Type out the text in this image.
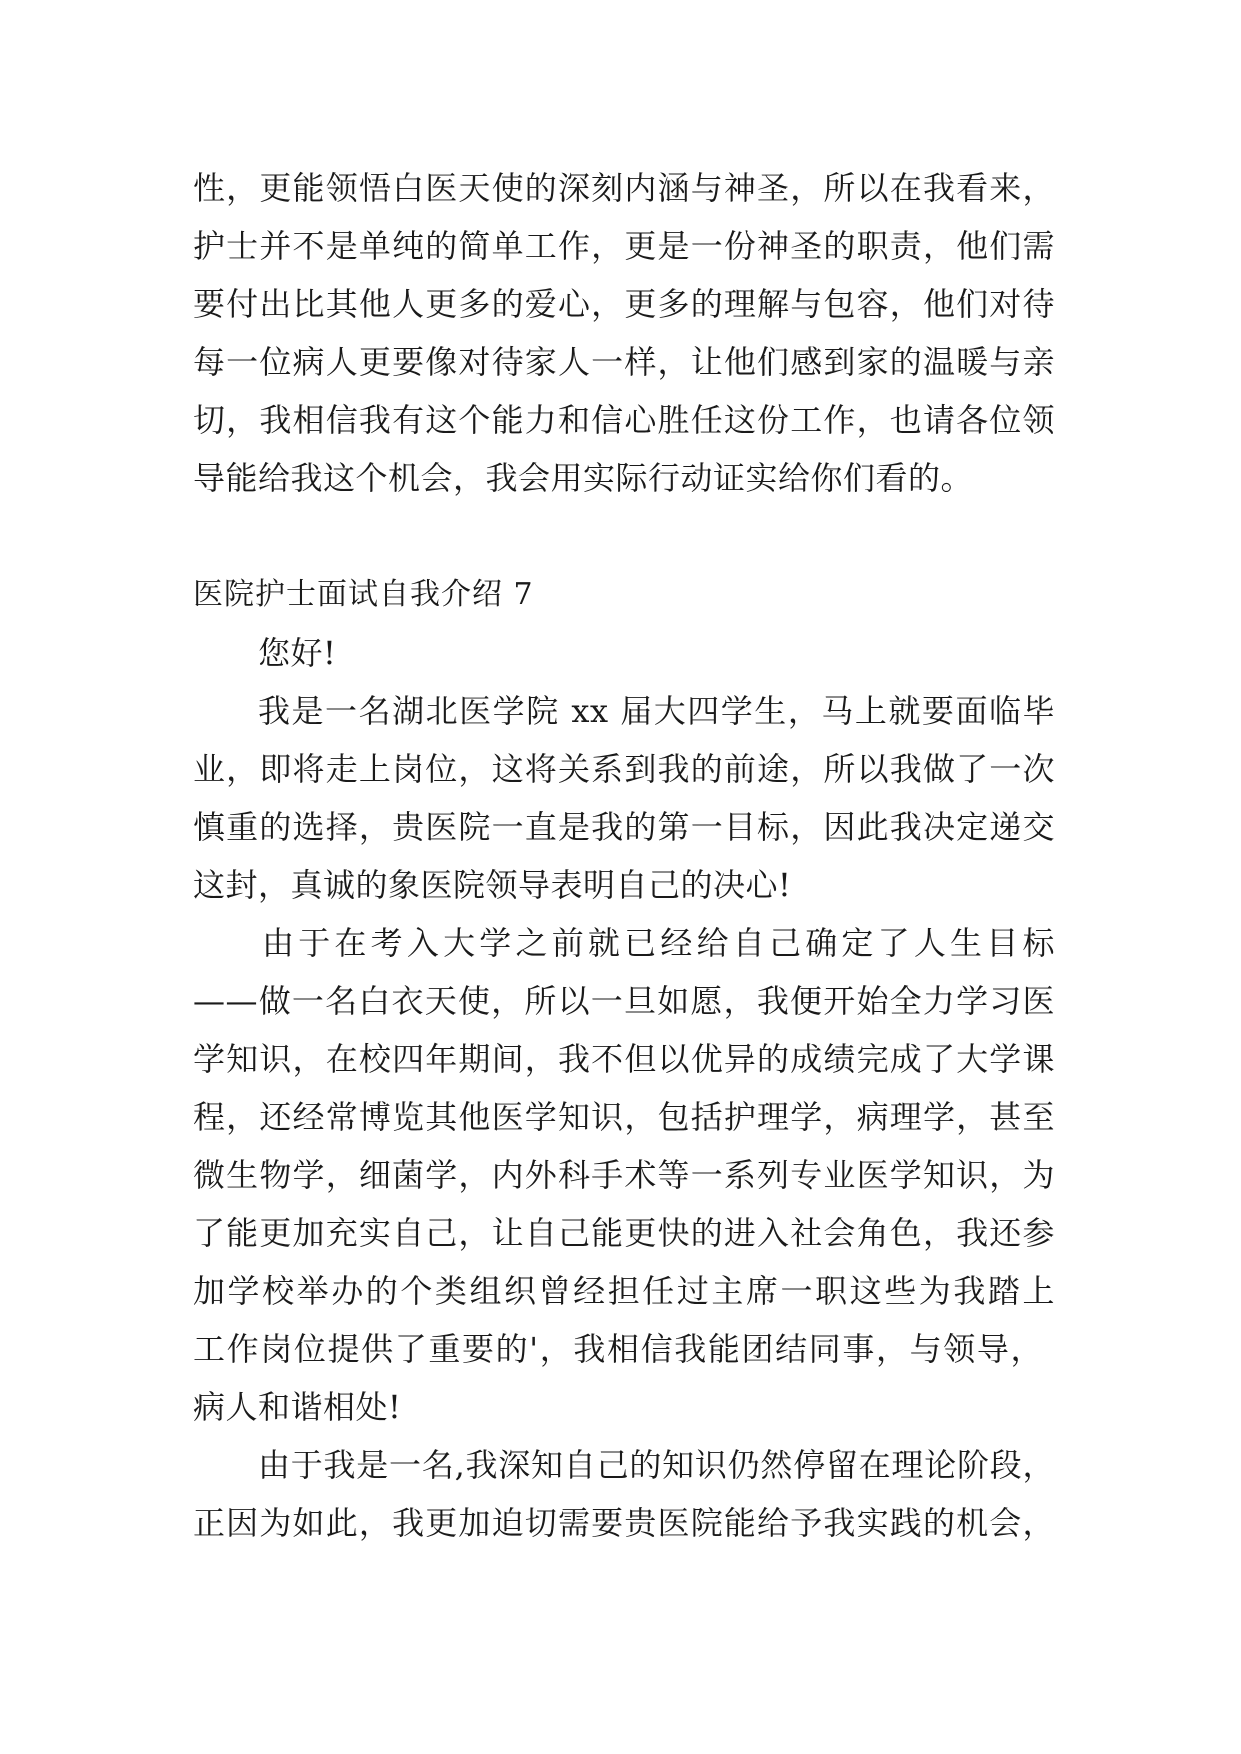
性，更能领悟白医天使的深刻内涵与神圣，所以在我看来，
护士并不是单纯的简单工作，更是一份神圣的职责，他们需
要付出比其他人更多的爱心，更多的理解与包容，他们对待
每一位病人更要像对待家人一样，让他们感到家的温暖与亲
切，我相信我有这个能力和信心胜任这份工作，也请各位领
导能给我这个机会，我会用实际行动证实给你们看的。
医院护士面试自我介绍 7
您好!
我是一名湖北医学院 xx 届大四学生，马上就要面临毕
业，即将走上岗位，这将关系到我的前途，所以我做了一次
慎重的选择，贵医院一直是我的第一目标，因此我决定递交
这封，真诚的象医院领导表明自己的决心!
由于在考入大学之前就已经给自己确定了人生目标
——做一名白衣天使，所以一旦如愿，我便开始全力学习医
学知识，在校四年期间，我不但以优异的成绩完成了大学课
程，还经常博览其他医学知识，包括护理学，病理学，甚至
微生物学，细菌学，内外科手术等一系列专业医学知识，为
了能更加充实自己，让自己能更快的进入社会角色，我还参
加学校举办的个类组织曾经担任过主席一职这些为我踏上
工作岗位提供了重要的'，我相信我能团结同事，与领导，
病人和谐相处!
由于我是一名,我深知自己的知识仍然停留在理论阶段，
正因为如此，我更加迫切需要贵医院能给予我实践的机会，
